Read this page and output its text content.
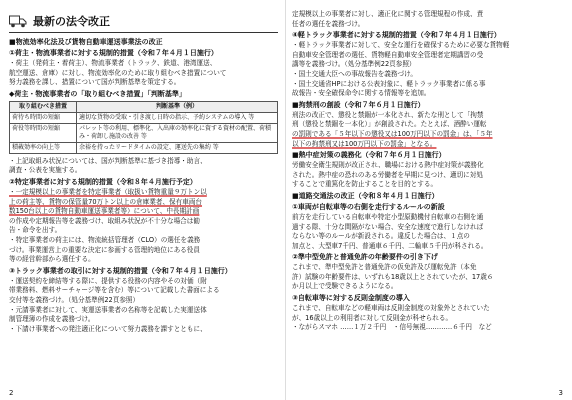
最新の法令改正
■物流効率化法及び貨物自動車運送事業法の改正
①荷主・物流事業者に対する規制的措置（令和７年４月１日施行）

・荷主（発荷主・着荷主）、物流事業者（トラック、鉄道、港湾運送、

航空運送、倉庫）に対し、物流効率化のために取り組むべき措置について

努力義務を課し、措置について国が判断基準を策定する。

◆荷主・物流事業者の「取り組むべき措置」「判断基準」
取り組むべき措置	判断基準（例）
荷待ち時間の短縮	適切な貨物の受取・引き渡し日時の指示、予約システムの導入 等
荷役等時間の短縮	パレット等の利用、標準化、入出庫の効率化に資する資材の配置、荷積み・荷卸し施設の改善 等
積載効率の向上等	余裕を持ったリードタイムの設定、運送先の集約 等

・上記取組み状況については、国が判断基準に基づき指導・助言、

調査・公表を実施する。

②特定事業者に対する規制的措置（令和８年４月施行予定）

・一定規模以上の事業者を特定事業者（取扱い貨物重量９万トン以

上の荷主等、貨物の保管量70万トン以上の倉庫業者、保有車両台

数150台以上の貨物自動車運送事業者等）について、中長期計画

の作成や定期報告等を義務づけ、取組み状況が不十分な場合は勧

告・命令を出す。

・特定事業者の荷主には、物流統括管理者（CLO）の選任を義務

づけ。事業運営上の重要な決定に参画する管理的地位にある役員

等の経営幹部から選任する。

③トラック事業者の取引に対する規制的措置（令和７年４月１日施行）

・運送契約を締結等する際に、提供する役務の内容やその対価（附

帯業務料、燃料サーチャージ等を含む）等について記載した書面による

交付等を義務づけ。（処分基準例22頁参照）

・元請事業者に対して、実運送事業者の名称等を記載した実運送体

制管理簿の作成を義務づけ。

・下請け事業者への発注適正化について努力義務を課すとともに、

2

定規模以上の事業者に対し、適正化に関する管理規程の作成、責

任者の選任を義務づけ。

④軽トラック事業者に対する規制的措置（令和７年４月１日施行）

・軽トラック事業者に対して、安全な運行を確保するために必要な貨物軽

自動車安全管理者の選任、貨物軽自動車安全管理者定期講習の受

講等を義務づけ。（処分基準例22頁参照）

・国土交通大臣への事故報告を義務づけ。

・国土交通省HPにおける公表対象に、軽トラック事業者に係る事

故報告・安全確保命令に関する情報等を追加。

■拘禁刑の創設（令和７年６月１日施行）

刑法の改正で、懲役と禁錮が一本化され、新たな刑として「拘禁

刑（懲役と禁錮を一本化）」が創設された。たとえば、酒酔い運転

の罰則である「５年以下の懲役又は100万円以下の罰金」は、「５年

以下の拘禁刑又は100万円以下の罰金」となる。

■熱中症対策の義務化（令和７年６月１日施行）

労働安全衛生規則が改正され、職場における熱中症対策が義務化

された。熱中症の恐れのある労働者を早期に見つけ、適切に対処

することで重篤化を防止することを目的とする。

■道路交通法の改正（令和８年４月１日施行）
①車両が自転車等の右側を走行するルールの新設

前方を走行している自転車や特定小型原動機付自転車の右側を通

過する際、十分な間隔がない場合、安全な速度で進行しなければ

ならない等のルールが新設される。違反した場合は、１点の

加点と、大型車7千円、普通車６千円、二輪車５千円が科される。

②準中型免許と普通免許の年齢要件の引き下げ

これまで、準中型免許と普通免許の仮免許及び運転免許（本免

許）試験の年齢要件は、いずれも18歳以上とされていたが、17歳６

か月以上で受験できるようになる。

③自転車等に対する反則金制度の導入

これまで、自転車などの軽車両は反則金制度の対象外とされていた

が、16歳以上の利用者に対して反則金が科せられる。

・ながらスマホ ……１万２千円　・信号無視…………６千円　など

3
